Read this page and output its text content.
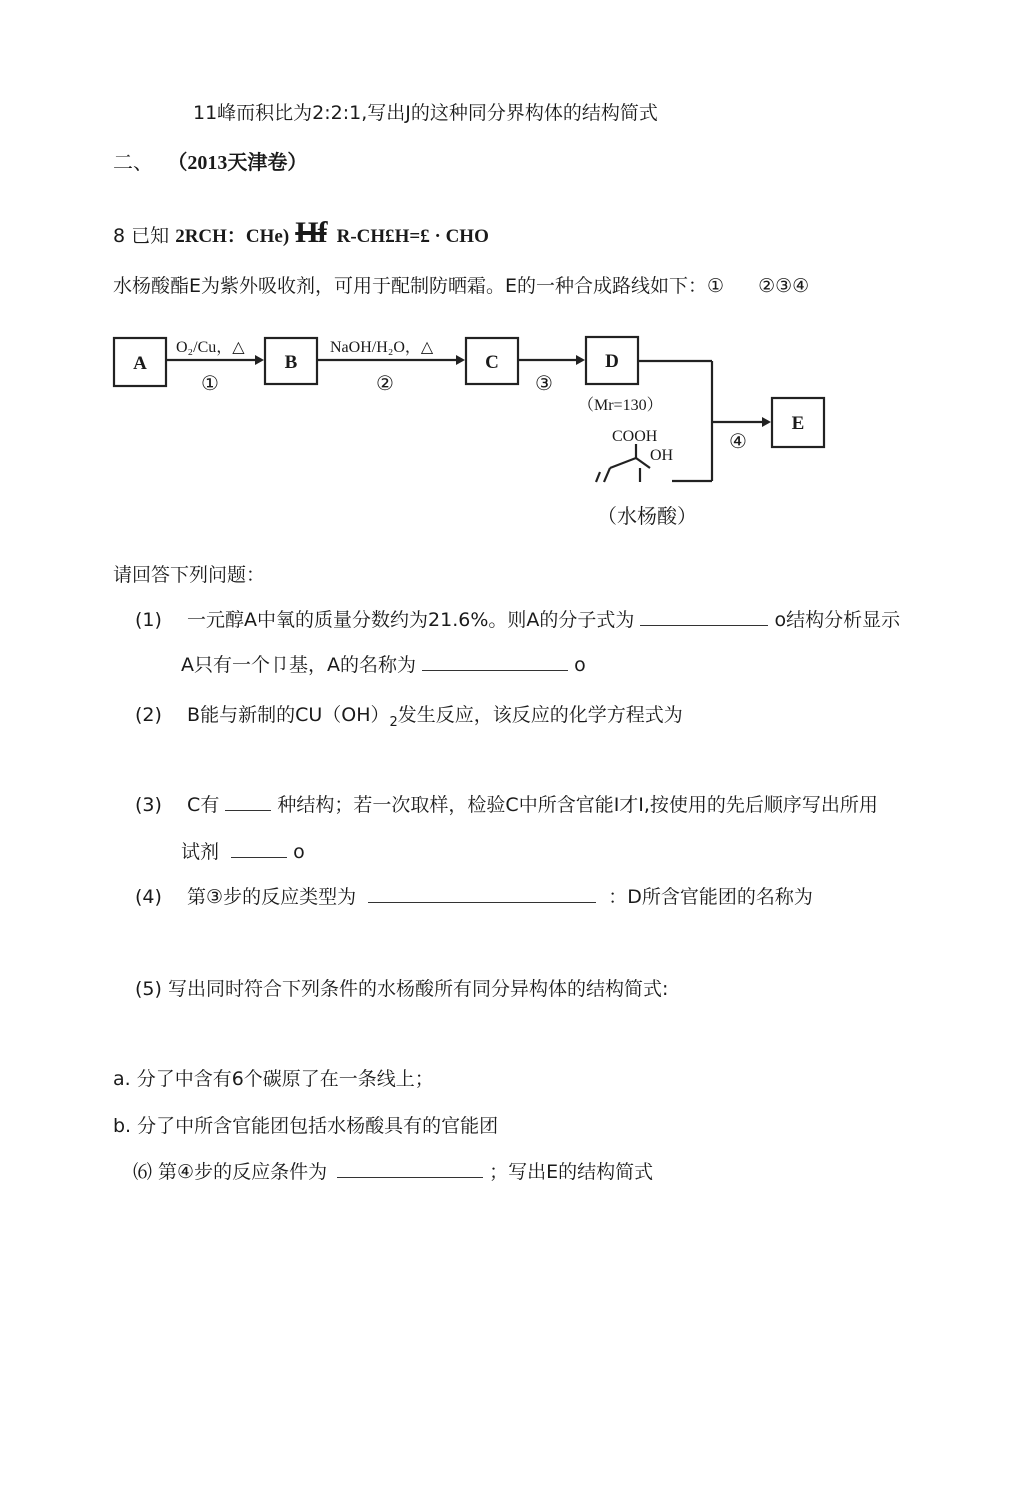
11峰而积比为2:2:1,写出J的这种同分界构体的结构简式
二、 （2013天津卷）
8 已知 2RCH：CHe) Hf R-CH£H=£ · CHO
水杨酸酯E为紫外吸收剂，可用于配制防晒霜。E的一种合成路线如下：① ②③④
A	B	C	D
E
O₂/Cu，△	NaOH/H₂O，△
（Mr=130）
COOH
OH
①	②	③
④
（水杨酸）
请回答下列问题：
(1) 一元醇A中氧的质量分数约为21.6%。则A的分子式为	o结构分析显示
A只有一个卩基，A的名称为	o
(2) B能与新制的$CU(OH)_2$发生反应，该反应的化学方程式为
(3) C有	种结构；若一次取样，检验C中所含官能I才I,按使用的先后顺序写出所用
试剂	o
(4) 第③步的反应类型为	：D所含官能团的名称为
(5) 写出同时符合下列条件的水杨酸所有同分异构体的结构简式:
a. 分了中含有6个碳原了在一条线上；
b. 分了中所含官能团包括水杨酸具有的官能团
⑹ 第④步的反应条件为	；写出E的结构简式
